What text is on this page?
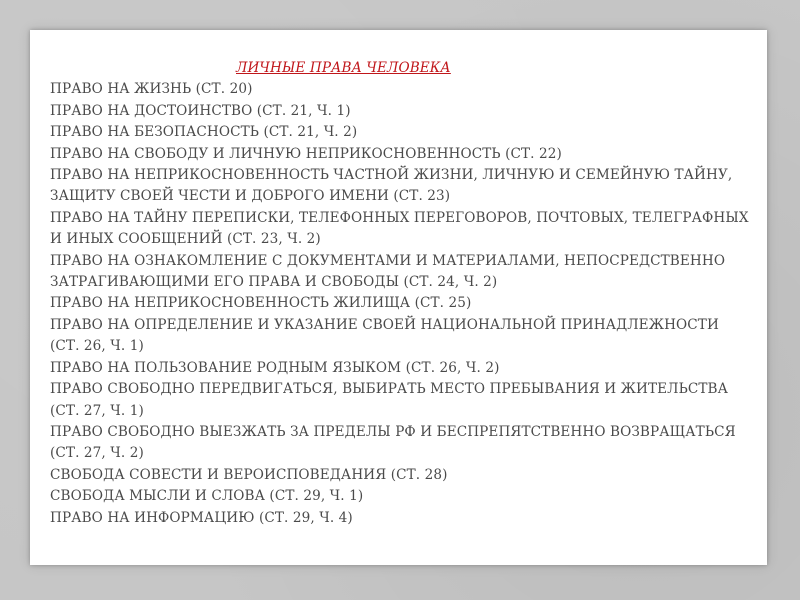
ЛИЧНЫЕ ПРАВА ЧЕЛОВЕКА
ПРАВО НА ЖИЗНЬ (СТ. 20)
ПРАВО НА ДОСТОИНСТВО (СТ. 21, Ч. 1)
ПРАВО НА БЕЗОПАСНОСТЬ (СТ. 21, Ч. 2)
ПРАВО НА СВОБОДУ И ЛИЧНУЮ НЕПРИКОСНОВЕННОСТЬ (СТ. 22)
ПРАВО НА НЕПРИКОСНОВЕННОСТЬ ЧАСТНОЙ ЖИЗНИ, ЛИЧНУЮ И СЕМЕЙНУЮ ТАЙНУ, ЗАЩИТУ СВОЕЙ ЧЕСТИ И ДОБРОГО ИМЕНИ (СТ. 23)
ПРАВО НА ТАЙНУ ПЕРЕПИСКИ, ТЕЛЕФОННЫХ ПЕРЕГОВОРОВ, ПОЧТОВЫХ, ТЕЛЕГРАФНЫХ И ИНЫХ СООБЩЕНИЙ (СТ. 23, Ч. 2)
ПРАВО НА ОЗНАКОМЛЕНИЕ С ДОКУМЕНТАМИ И МАТЕРИАЛАМИ, НЕПОСРЕДСТВЕННО ЗАТРАГИВАЮЩИМИ ЕГО ПРАВА И СВОБОДЫ (СТ. 24, Ч. 2)
ПРАВО НА НЕПРИКОСНОВЕННОСТЬ ЖИЛИЩА (СТ. 25)
ПРАВО НА ОПРЕДЕЛЕНИЕ И УКАЗАНИЕ СВОЕЙ НАЦИОНАЛЬНОЙ ПРИНАДЛЕЖНОСТИ (СТ. 26, Ч. 1)
ПРАВО НА ПОЛЬЗОВАНИЕ РОДНЫМ ЯЗЫКОМ (СТ. 26, Ч. 2)
ПРАВО СВОБОДНО ПЕРЕДВИГАТЬСЯ, ВЫБИРАТЬ МЕСТО ПРЕБЫВАНИЯ И ЖИТЕЛЬСТВА (СТ. 27, Ч. 1)
ПРАВО СВОБОДНО ВЫЕЗЖАТЬ ЗА ПРЕДЕЛЫ РФ И БЕСПРЕПЯТСТВЕННО ВОЗВРАЩАТЬСЯ (СТ. 27, Ч. 2)
СВОБОДА СОВЕСТИ И ВЕРОИСПОВЕДАНИЯ (СТ. 28)
СВОБОДА МЫСЛИ И СЛОВА (СТ. 29, Ч. 1)
ПРАВО НА ИНФОРМАЦИЮ (СТ. 29, Ч. 4)
